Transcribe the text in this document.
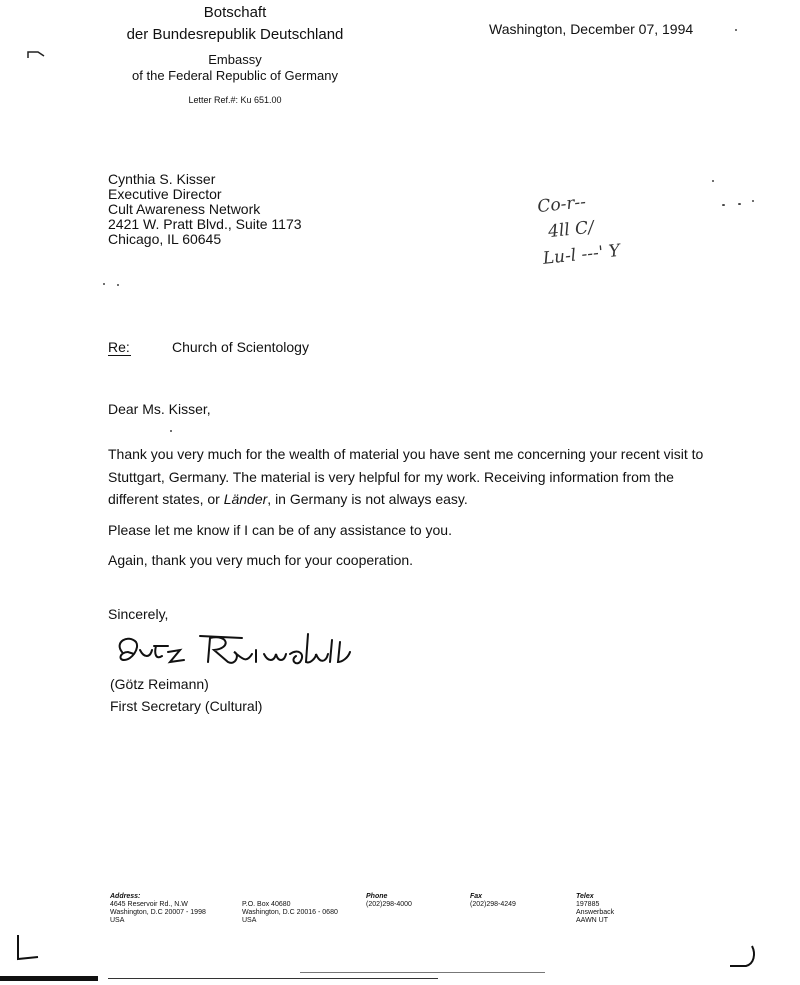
Botschaft
der Bundesrepublik Deutschland
Embassy
of the Federal Republic of Germany
Letter Ref.#: Ku 651.00
Washington, December 07, 1994
Cynthia S. Kisser
Executive Director
Cult Awareness Network
2421 W. Pratt Blvd., Suite 1173
Chicago, IL 60645
Co-r--
4ll C/
Lu-l ---' Y
Re:	Church of Scientology
Dear Ms. Kisser,

Thank you very much for the wealth of material you have sent me concerning your recent visit to Stuttgart, Germany. The material is very helpful for my work. Receiving information from the different states, or Länder, in Germany is not always easy.

Please let me know if I can be of any assistance to you.

Again, thank you very much for your cooperation.

Sincerely,
(Götz Reimann)
First Secretary (Cultural)
Address:
4645 Reservoir Rd., N.W
Washington, D.C 20007 - 1998
USA
P.O. Box 40680
Washington, D.C 20016 - 0680
USA
Phone
(202)298-4000
Fax
(202)298-4249
Telex
197885
Answerback
AAWN UT
